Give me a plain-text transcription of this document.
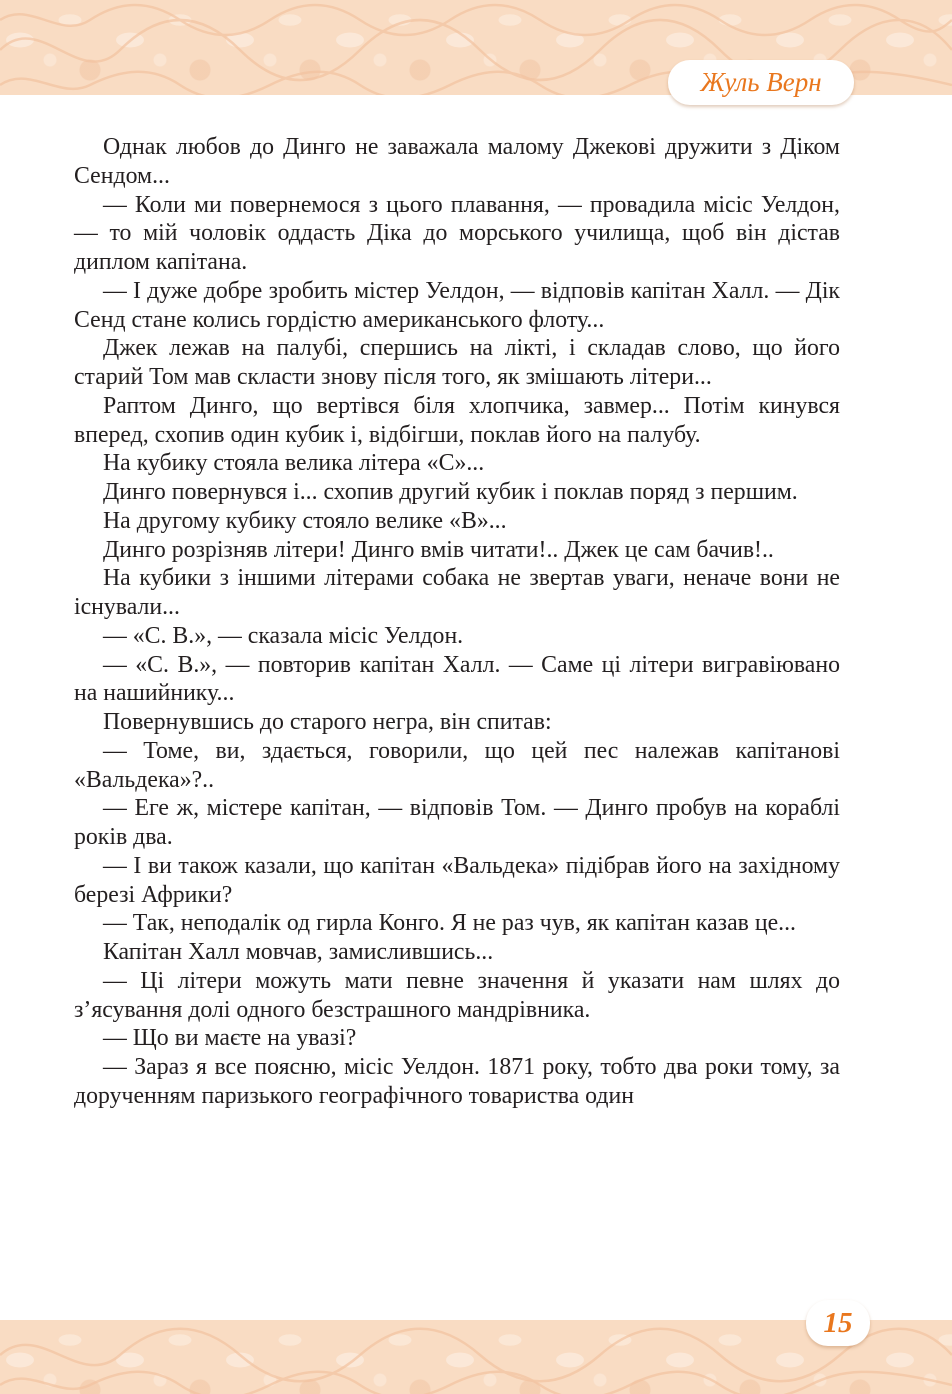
Жуль Верн
15

Однак любов до Динго не заважала малому Джекові дружити з Діком Сендом...

— Коли ми повернемося з цього плавання, — провадила місіс Уелдон, — то мій чоловік оддасть Діка до морського училища, щоб він дістав диплом капітана.

— І дуже добре зробить містер Уелдон, — відповів капітан Халл. — Дік Сенд стане колись гордістю американського флоту...

Джек лежав на палубі, спершись на лікті, і складав слово, що його старий Том мав скласти знову після того, як змішають літери...

Раптом Динго, що вертівся біля хлопчика, завмер... Потім кинувся вперед, схопив один кубик і, відбігши, поклав його на палубу.

На кубику стояла велика літера «С»...

Динго повернувся і... схопив другий кубик і поклав поряд з першим.

На другому кубику стояло велике «В»...

Динго розрізняв літери! Динго вмів читати!.. Джек це сам бачив!..

На кубики з іншими літерами собака не звертав уваги, неначе вони не існували...

— «С. В.», — сказала місіс Уелдон.

— «С. В.», — повторив капітан Халл. — Саме ці літери вигравіювано на нашийнику...

Повернувшись до старого негра, він спитав:

— Томе, ви, здається, говорили, що цей пес належав капітанові «Вальдека»?..

— Еге ж, містере капітан, — відповів Том. — Динго пробув на кораблі років два.

— І ви також казали, що капітан «Вальдека» підібрав його на західному березі Африки?

— Так, неподалік од гирла Конго. Я не раз чув, як капітан казав це...

Капітан Халл мовчав, замислившись...

— Ці літери можуть мати певне значення й указати нам шлях до з’ясування долі одного безстрашного мандрівника.

— Що ви маєте на увазі?

— Зараз я все поясню, місіс Уелдон. 1871 року, тобто два роки тому, за дорученням паризького географічного товариства один
